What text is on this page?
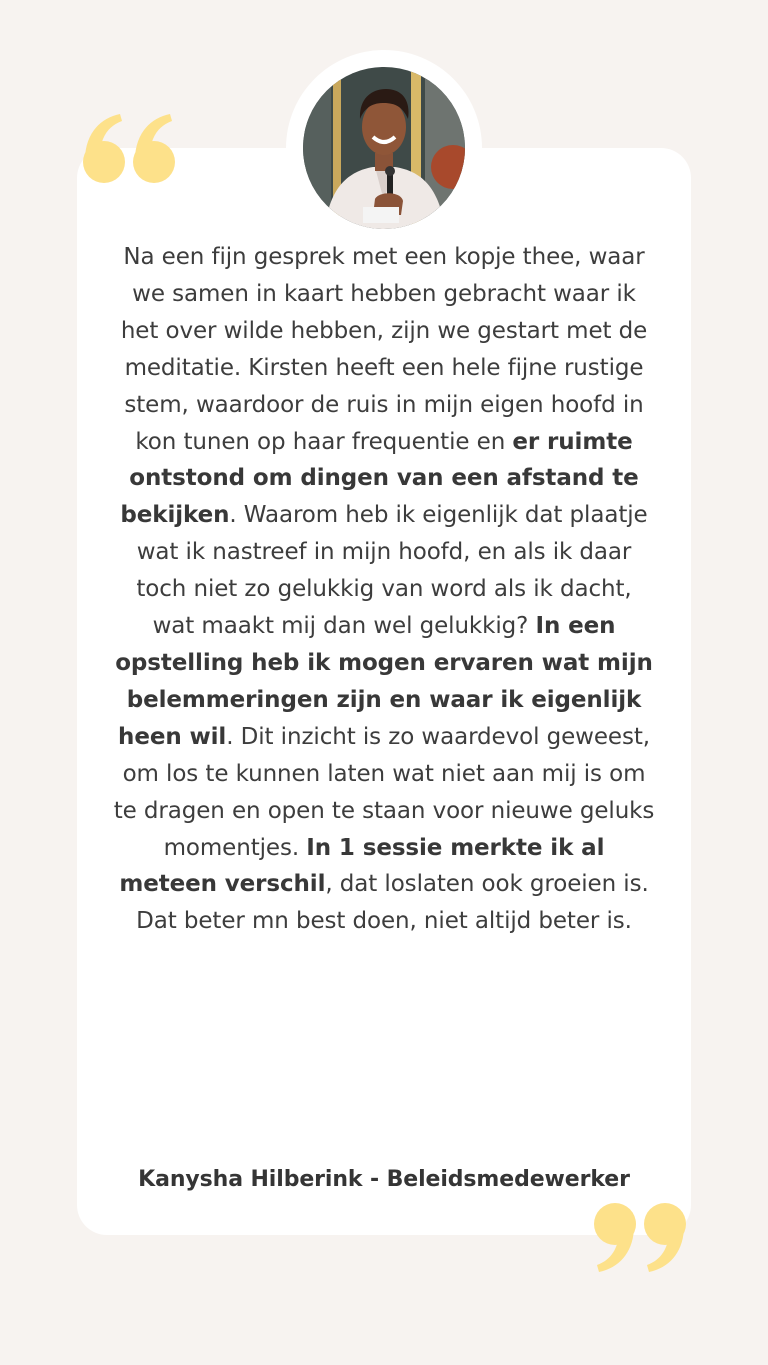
Na een fijn gesprek met een kopje thee, waar we samen in kaart hebben gebracht waar ik het over wilde hebben, zijn we gestart met de meditatie. Kirsten heeft een hele fijne rustige stem, waardoor de ruis in mijn eigen hoofd in kon tunen op haar frequentie en er ruimte ontstond om dingen van een afstand te bekijken. Waarom heb ik eigenlijk dat plaatje wat ik nastreef in mijn hoofd, en als ik daar toch niet zo gelukkig van word als ik dacht, wat maakt mij dan wel gelukkig? In een opstelling heb ik mogen ervaren wat mijn belemmeringen zijn en waar ik eigenlijk heen wil. Dit inzicht is zo waardevol geweest, om los te kunnen laten wat niet aan mij is om te dragen en open te staan voor nieuwe geluks momentjes. In 1 sessie merkte ik al meteen verschil, dat loslaten ook groeien is. Dat beter mn best doen, niet altijd beter is.

Kanysha Hilberink - Beleidsmedewerker
